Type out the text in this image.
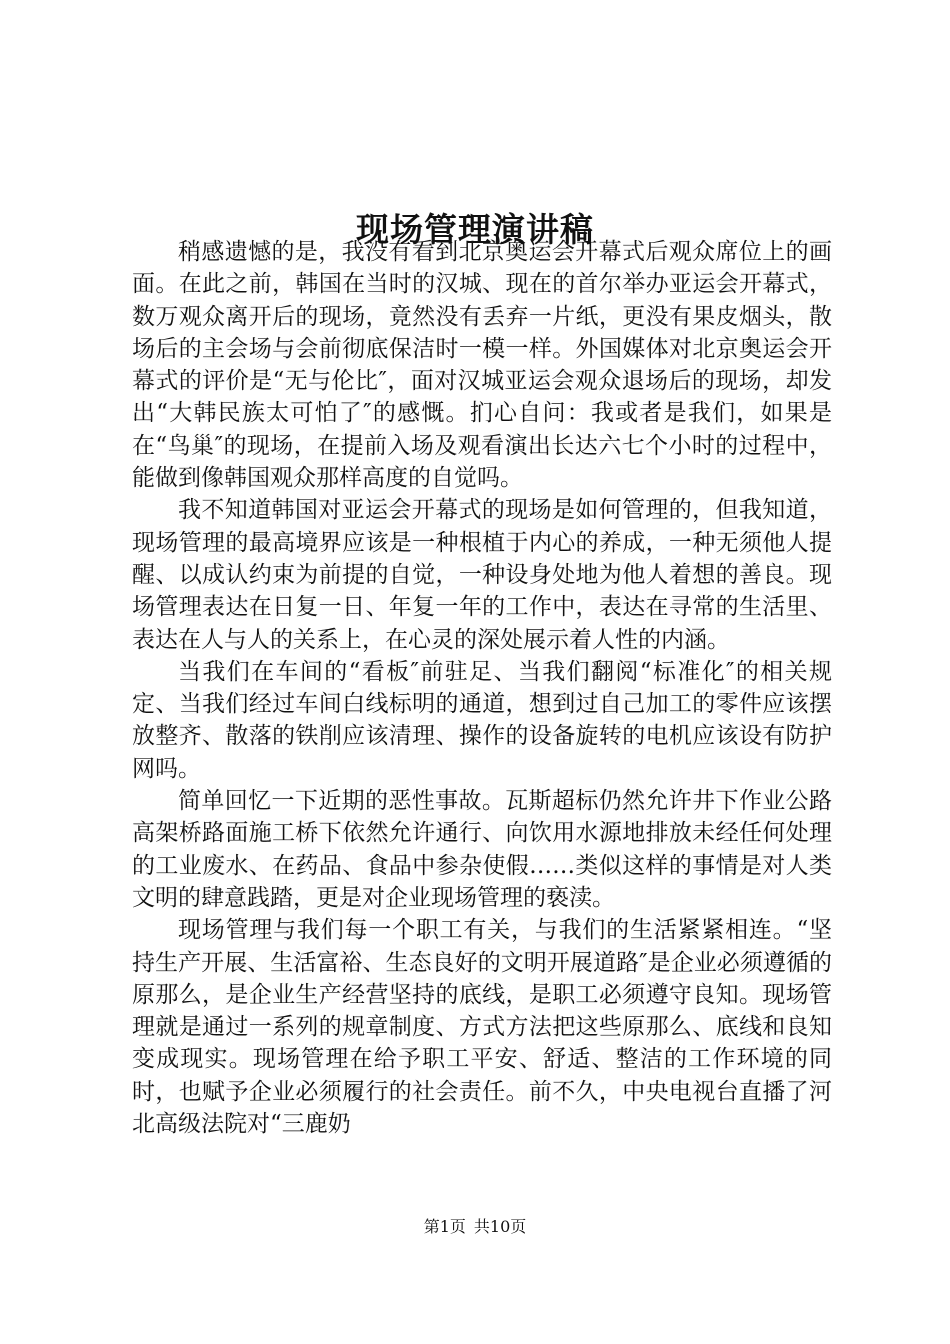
现场管理演讲稿

稍感遗憾的是，我没有看到北京奥运会开幕式后观众席位上的画面。在此之前，韩国在当时的汉城、现在的首尔举办亚运会开幕式，数万观众离开后的现场，竟然没有丢弃一片纸，更没有果皮烟头，散场后的主会场与会前彻底保洁时一模一样。外国媒体对北京奥运会开幕式的评价是“无与伦比″，面对汉城亚运会观众退场后的现场，却发出“大韩民族太可怕了″的感慨。扪心自问：我或者是我们，如果是在“鸟巢″的现场，在提前入场及观看演出长达六七个小时的过程中，能做到像韩国观众那样高度的自觉吗。

我不知道韩国对亚运会开幕式的现场是如何管理的，但我知道，现场管理的最高境界应该是一种根植于内心的养成，一种无须他人提醒、以成认约束为前提的自觉，一种设身处地为他人着想的善良。现场管理表达在日复一日、年复一年的工作中，表达在寻常的生活里、表达在人与人的关系上，在心灵的深处展示着人性的内涵。

当我们在车间的“看板″前驻足、当我们翻阅“标准化″的相关规定、当我们经过车间白线标明的通道，想到过自己加工的零件应该摆放整齐、散落的铁削应该清理、操作的设备旋转的电机应该设有防护网吗。

简单回忆一下近期的恶性事故。瓦斯超标仍然允许井下作业公路高架桥路面施工桥下依然允许通行、向饮用水源地排放未经任何处理的工业废水、在药品、食品中参杂使假……类似这样的事情是对人类文明的肆意践踏，更是对企业现场管理的亵渎。

现场管理与我们每一个职工有关，与我们的生活紧紧相连。“坚持生产开展、生活富裕、生态良好的文明开展道路″是企业必须遵循的原那么，是企业生产经营坚持的底线，是职工必须遵守良知。现场管理就是通过一系列的规章制度、方式方法把这些原那么、底线和良知变成现实。现场管理在给予职工平安、舒适、整洁的工作环境的同时，也赋予企业必须履行的社会责任。前不久，中央电视台直播了河北高级法院对“三鹿奶

第1页 共10页
